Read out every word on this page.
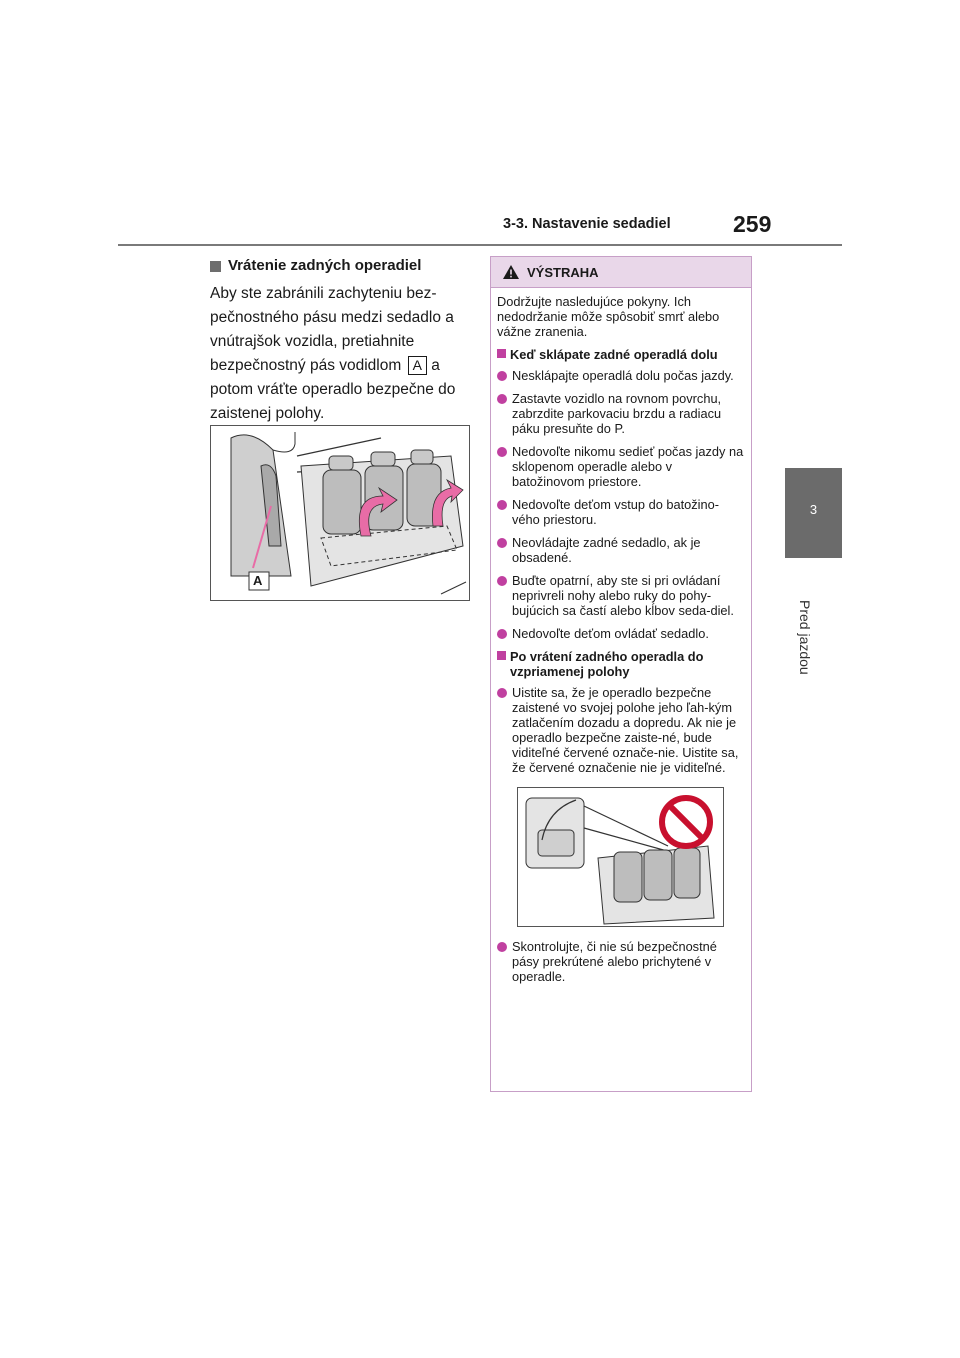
3-3. Nastavenie sedadiel	259
3
Pred jazdou
Vrátenie zadných operadiel
Aby ste zabránili zachyteniu bez-pečnostného pásu medzi sedadlo a vnútrajšok vozidla, pretiahnite bezpečnostný pás vodidlom A a potom vráťte operadlo bezpečne do zaistenej polohy.
A
VÝSTRAHA
Dodržujte nasledujúce pokyny. Ich nedodržanie môže spôsobiť smrť alebo vážne zranenia.
Keď sklápate zadné operadlá dolu
Nesklápajte operadlá dolu počas jazdy.
Zastavte vozidlo na rovnom povrchu, zabrzdite parkovaciu brzdu a radiacu páku presuňte do P.
Nedovoľte nikomu sedieť počas jazdy na sklopenom operadle alebo v batožinovom priestore.
Nedovoľte deťom vstup do batožino-vého priestoru.
Neovládajte zadné sedadlo, ak je obsadené.
Buďte opatrní, aby ste si pri ovládaní neprivreli nohy alebo ruky do pohy-bujúcich sa častí alebo kĺbov seda-diel.
Nedovoľte deťom ovládať sedadlo.
Po vrátení zadného operadla do vzpriamenej polohy
Uistite sa, že je operadlo bezpečne zaistené vo svojej polohe jeho ľah-kým zatlačením dozadu a dopredu. Ak nie je operadlo bezpečne zaiste-né, bude viditeľné červené označe-nie. Uistite sa, že červené označenie nie je viditeľné.
Skontrolujte, či nie sú bezpečnostné pásy prekrútené alebo prichytené v operadle.
